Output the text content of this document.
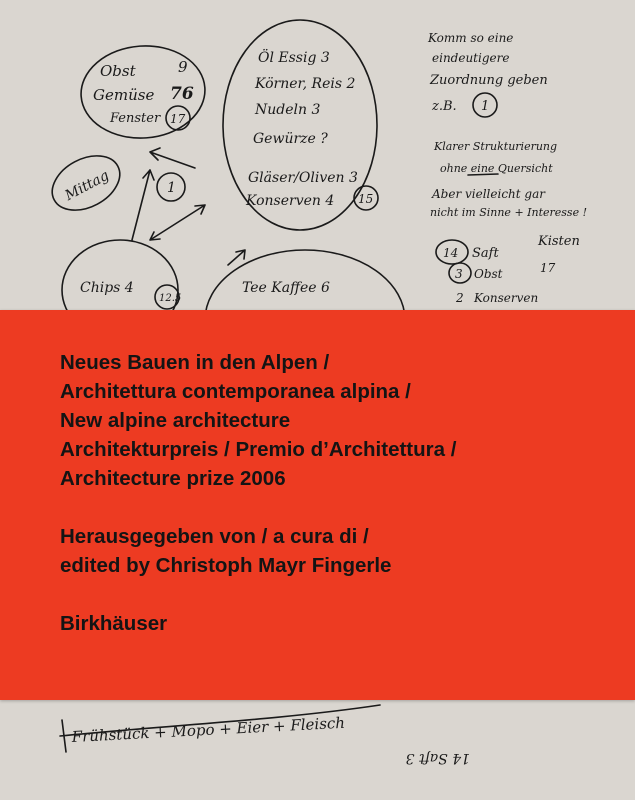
Obst	9
Gemüse 76
Fenster 17
Mittag	1
Öl Essig 3
Körner, Reis 2
Nudeln 3
Gewürze ?
Gläser/Oliven 3
Konserven 4 15
Komm so eine
eindeutigere
Zuordnung geben
z.B. 1
Klarer Strukturierung
ohne eine Quersicht
Aber vielleicht gar
nicht im Sinne + Interesse !
14 Saft
Kisten
3 Obst	17
2 Konserven
Chips 4
12.5
Tee Kaffee 6
Frühstück + Mopo + Eier + Fleisch
14 Saft 3
Neues Bauen in den Alpen /
Architettura contemporanea alpina /
New alpine architecture
Architekturpreis / Premio d’Architettura /
Architecture prize 2006
Herausgegeben von / a cura di /
edited by Christoph Mayr Fingerle
Birkhäuser
